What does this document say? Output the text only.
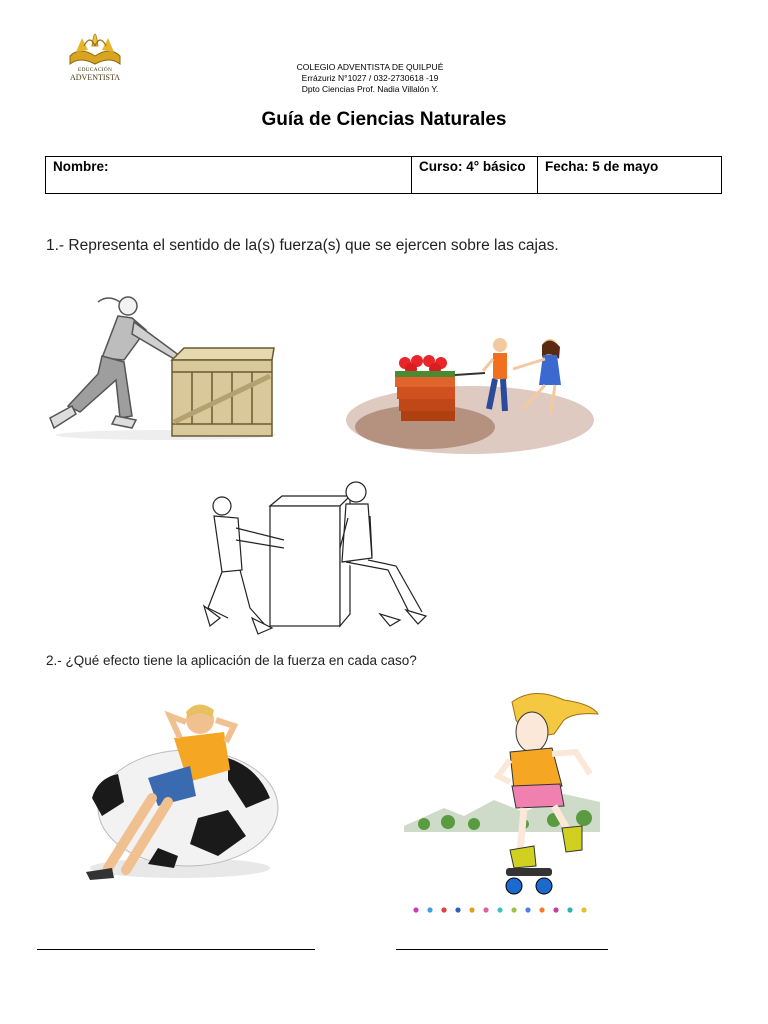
EDUCACIÓN
ADVENTISTA
COLEGIO ADVENTISTA DE QUILPUÉ
Errázuriz N°1027 / 032-2730618 -19
Dpto Ciencias Prof. Nadia Villalón Y.
Guía de Ciencias Naturales
Nombre:	Curso: 4° básico	Fecha: 5 de mayo
1.- Representa el sentido de la(s) fuerza(s) que se ejercen sobre las cajas.
2.- ¿Qué efecto tiene la aplicación de la fuerza en cada caso?
